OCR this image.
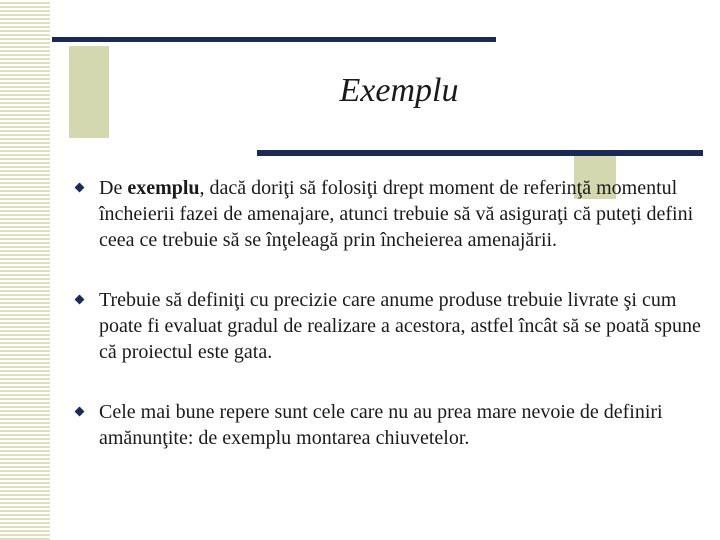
Exemplu
De exemplu, dacă doriţi să folosiţi drept moment de referinţă momentul încheierii fazei de amenajare, atunci trebuie să vă asiguraţi că puteţi defini ceea ce trebuie să se înţeleagă prin încheierea amenajării.
Trebuie să definiţi cu precizie care anume produse trebuie livrate şi cum poate fi evaluat gradul de realizare a acestora, astfel încât să se poată spune că proiectul este gata.
Cele mai bune repere sunt cele care nu au prea mare nevoie de definiri amănunţite: de exemplu montarea chiuvetelor.
